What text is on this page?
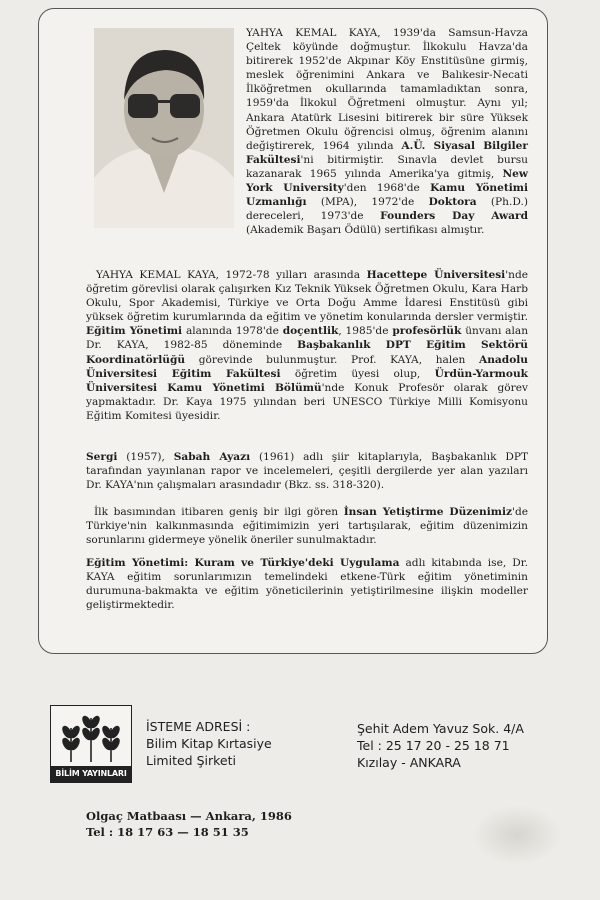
YAHYA KEMAL KAYA, 1939'da Samsun-Havza Çeltek köyünde doğmuştur. İlkokulu Havza'da bitirerek 1952'de Akpınar Köy Enstitüsüne girmiş, meslek öğrenimini Ankara ve Balıkesir-Necati İlköğretmen okullarında tamamladıktan sonra, 1959'da İlkokul Öğretmeni olmuştur. Aynı yıl; Ankara Atatürk Lisesini bitirerek bir süre Yüksek Öğretmen Okulu öğrencisi olmuş, öğrenim alanını değiştirerek, 1964 yılında A.Ü. Siyasal Bilgiler Fakültesi'ni bitirmiştir. Sınavla devlet bursu kazanarak 1965 yılında Amerika'ya gitmiş, New York University'den 1968'de Kamu Yönetimi Uzmanlığı (MPA), 1972'de Doktora (Ph.D.) dereceleri, 1973'de Founders Day Award (Akademik Başarı Ödülü) sertifikası almıştır.

YAHYA KEMAL KAYA, 1972-78 yılları arasında Hacettepe Üniversitesi'nde öğretim görevlisi olarak çalışırken Kız Teknik Yüksek Öğretmen Okulu, Kara Harb Okulu, Spor Akademisi, Türkiye ve Orta Doğu Amme İdaresi Enstitüsü gibi yüksek öğretim kurumlarında da eğitim ve yönetim konularında dersler vermiştir. Eğitim Yönetimi alanında 1978'de doçentlik, 1985'de profesörlük ünvanı alan Dr. KAYA, 1982-85 döneminde Başbakanlık DPT Eğitim Sektörü Koordinatörlüğü görevinde bulunmuştur. Prof. KAYA, halen Anadolu Üniversitesi Eğitim Fakültesi öğretim üyesi olup, Ürdün-Yarmouk Üniversitesi Kamu Yönetimi Bölümü'nde Konuk Profesör olarak görev yapmaktadır. Dr. Kaya 1975 yılından beri UNESCO Türkiye Milli Komisyonu Eğitim Komitesi üyesidir.

Sergi (1957), Sabah Ayazı (1961) adlı şiir kitaplarıyla, Başbakanlık DPT tarafından yayınlanan rapor ve incelemeleri, çeşitli dergilerde yer alan yazıları Dr. KAYA'nın çalışmaları arasındadır (Bkz. ss. 318-320).

İlk basımından itibaren geniş bir ilgi gören İnsan Yetiştirme Düzenimiz'de Türkiye'nin kalkınmasında eğitimimizin yeri tartışılarak, eğitim düzenimizin sorunlarını gidermeye yönelik öneriler sunulmaktadır.

Eğitim Yönetimi: Kuram ve Türkiye'deki Uygulama adlı kitabında ise, Dr. KAYA eğitim sorunlarımızın temelindeki etkene-Türk eğitim yönetiminin durumuna-bakmakta ve eğitim yöneticilerinin yetiştirilmesine ilişkin modeller geliştirmektedir.

BİLİM YAYINLARI
İSTEME ADRESİ :
Bilim Kitap Kırtasiye
Limited Şirketi
Şehit Adem Yavuz Sok. 4/A
Tel : 25 17 20 - 25 18 71
Kızılay - ANKARA
Olgaç Matbaası — Ankara, 1986
Tel : 18 17 63 — 18 51 35
